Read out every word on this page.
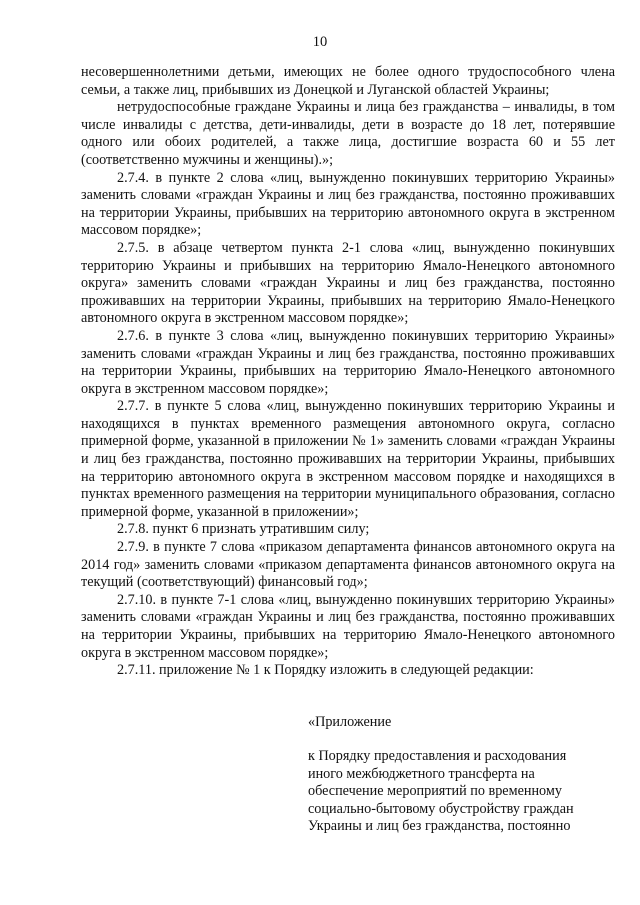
10

несовершеннолетними детьми, имеющих не более одного трудоспособного члена семьи, а также лиц, прибывших из Донецкой и Луганской областей Украины;

нетрудоспособные граждане Украины и лица без гражданства – инвалиды, в том числе инвалиды с детства, дети-инвалиды, дети в возрасте до 18 лет, потерявшие одного или обоих родителей, а также лица, достигшие возраста 60 и 55 лет (соответственно мужчины и женщины).»;

2.7.4. в пункте 2 слова «лиц, вынужденно покинувших территорию Украины» заменить словами «граждан Украины и лиц без гражданства, постоянно проживавших на территории Украины, прибывших на территорию автономного округа в экстренном массовом порядке»;

2.7.5. в абзаце четвертом пункта 2-1 слова «лиц, вынужденно покинувших территорию Украины и прибывших на территорию Ямало-Ненецкого автономного округа» заменить словами «граждан Украины и лиц без гражданства, постоянно проживавших на территории Украины, прибывших на территорию Ямало-Ненецкого автономного округа в экстренном массовом порядке»;

2.7.6. в пункте 3 слова «лиц, вынужденно покинувших территорию Украины» заменить словами «граждан Украины и лиц без гражданства, постоянно проживавших на территории Украины, прибывших на территорию Ямало-Ненецкого автономного округа в экстренном массовом порядке»;

2.7.7. в пункте 5 слова «лиц, вынужденно покинувших территорию Украины и находящихся в пунктах временного размещения автономного округа, согласно примерной форме, указанной в приложении № 1» заменить словами «граждан Украины и лиц без гражданства, постоянно проживавших на территории Украины, прибывших на территорию автономного округа в экстренном массовом порядке и находящихся в пунктах временного размещения на территории муниципального образования, согласно примерной форме, указанной в приложении»;

2.7.8. пункт 6 признать утратившим силу;

2.7.9. в пункте 7 слова «приказом департамента финансов автономного округа на 2014 год» заменить словами «приказом департамента финансов автономного округа на текущий (соответствующий) финансовый год»;

2.7.10. в пункте 7-1 слова «лиц, вынужденно покинувших территорию Украины» заменить словами «граждан Украины и лиц без гражданства, постоянно проживавших на территории Украины, прибывших на территорию Ямало-Ненецкого автономного округа в экстренном массовом порядке»;

2.7.11. приложение № 1 к Порядку изложить в следующей редакции:

«Приложение
к Порядку предоставления и расходования
иного межбюджетного трансферта на
обеспечение мероприятий по временному
социально-бытовому обустройству граждан
Украины и лиц без гражданства, постоянно
